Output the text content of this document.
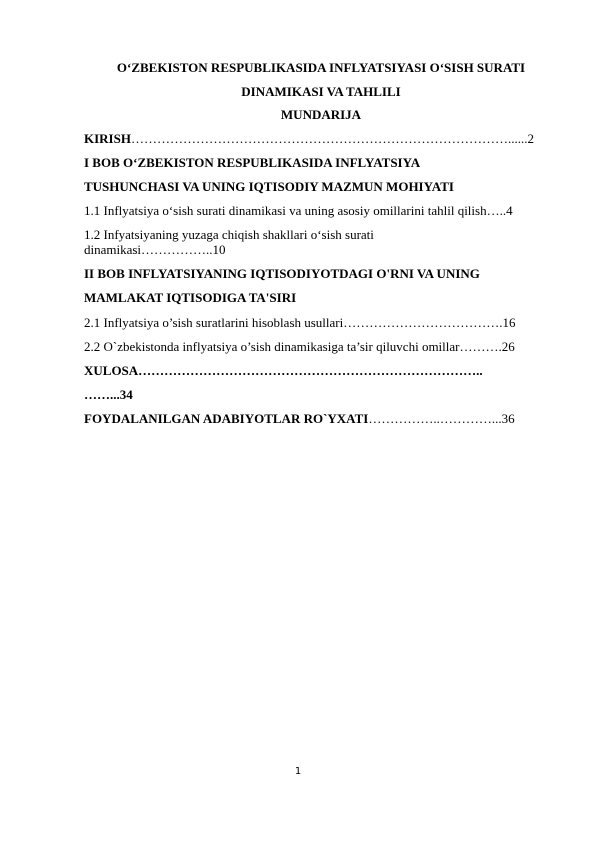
O‘ZBEKISTON RESPUBLIKASIDA INFLYATSIYASI O‘SISH SURATI
DINAMIKASI VA TAHLILI
MUNDARIJA
KIRISH……………………………………………………………………………......2
I BOB O‘ZBEKISTON RESPUBLIKASIDA INFLYATSIYA
TUSHUNCHASI VA UNING IQTISODIY MAZMUN MOHIYATI
1.1 Inflyatsiya o‘sish surati dinamikasi va uning asosiy omillarini tahlil qilish…..4
1.2 Infyatsiyaning yuzaga chiqish shakllari o‘sish surati
dinamikasi……………..10
II BOB INFLYATSIYANING IQTISODIYOTDAGI O'RNI VA UNING
MAMLAKAT IQTISODIGA TA'SIRI
2.1 Inflyatsiya o’sish suratlarini hisoblash usullari……………………………….16
2.2 O`zbekistonda inflyatsiya o’sish dinamikasiga ta’sir qiluvchi omillar……….26
XULOSA……………………………………………………………………..
……...34
FOYDALANILGAN ADABIYOTLAR RO`YXATI……………..…………...36
1
